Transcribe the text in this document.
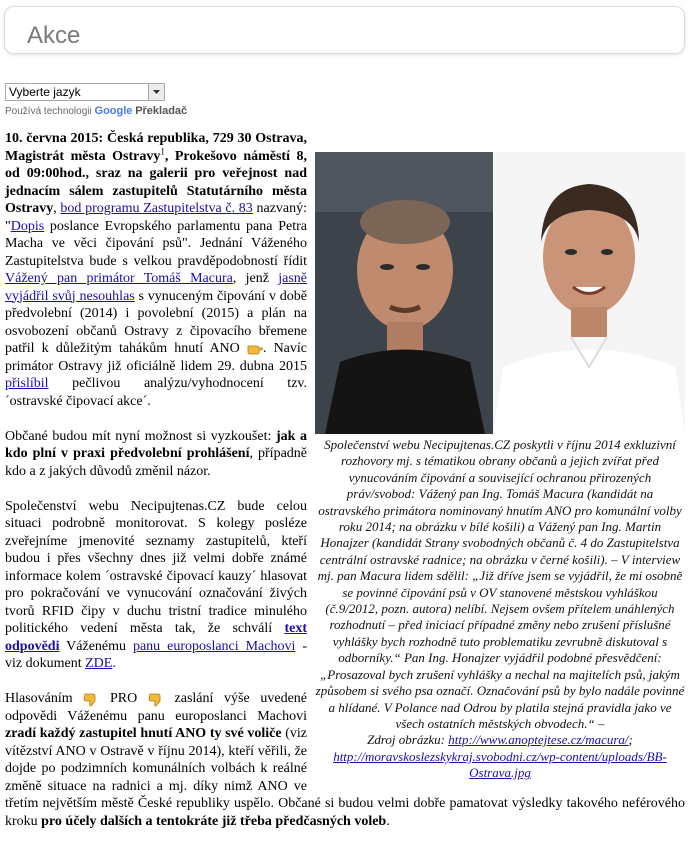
Akce
Vyberte jazyk
Používá technologii Google Překladač
Společenství webu Necipujtenas.CZ poskytli v říjnu 2014 exkluzivní rozhovory mj. s tématikou obrany občanů a jejich zvířat před vynucováním čipování a související ochranou přirozených práv/svobod: Vážený pan Ing. Tomáš Macura (kandidát na ostravského primátora nominovaný hnutím ANO pro komunální volby roku 2014; na obrázku v bílé košili) a Vážený pan Ing. Martin Honajzer (kandidát Strany svobodných občanů č. 4 do Zastupitelstva centrální ostravské radnice; na obrázku v černé košili). – V interview mj. pan Macura lidem sdělil: „Již dříve jsem se vyjádřil, že mi osobně se povinné čipování psů v OV stanovené městskou vyhláškou (č.9/2012, pozn. autora) nelíbí. Nejsem ovšem přítelem unáhlených rozhodnutí – před iniciací případné změny nebo zrušení příslušné vyhlášky bych rozhodně tuto problematiku zevrubně diskutoval s odborníky.“ Pan Ing. Honajzer vyjádřil podobné přesvědčení: „Prosazoval bych zrušení vyhlášky a nechal na majitelích psů, jakým způsobem si svého psa označí. Označování psů by bylo nadále povinné a hlídané. V Polance nad Odrou by platila stejná pravidla jako ve všech ostatních městských obvodech.“ –
Zdroj obrázku: http://www.anoptejtese.cz/macura/; http://moravskoslezskykraj.svobodni.cz/wp-content/uploads/BB-Ostrava.jpg

10. června 2015: Česká republika, 729 30 Ostrava, Magistrát města Ostravy$^1$, Prokešovo náměstí 8, od 09:00hod., sraz na galerii pro veřejnost nad jednacím sálem zastupitelů Statutárního města Ostravy, bod programu Zastupitelstva č. 83 nazvaný: "Dopis poslance Evropského parlamentu pana Petra Macha ve věci čipování psů". Jednání Váženého Zastupitelstva bude s velkou pravděpodobností řídit Vážený pan primátor Tomáš Macura, jenž jasně vyjádřil svůj nesouhlas s vynuceným čipování v době předvolební (2014) i povolební (2015) a plán na osvobození občanů Ostravy z čipovacího břemene patřil k důležitým tahákům hnutí ANO . Navíc primátor Ostravy již oficiálně lidem 29. dubna 2015 přislíbil pečlivou analýzu/vyhodnocení tzv. ´ostravské čipovací akce´.

Občané budou mít nyní možnost si vyzkoušet: jak a kdo plní v praxi předvolební prohlášení, případně kdo a z jakých důvodů změnil názor.

Společenství webu Necipujtenas.CZ bude celou situaci podrobně monitorovat. S kolegy posléze zveřejníme jmenovité seznamy zastupitelů, kteří budou i přes všechny dnes již velmi dobře známé informace kolem ´ostravské čipovací kauzy´ hlasovat pro pokračování ve vynucování označování živých tvorů RFID čipy v duchu tristní tradice minulého politického vedení města tak, že schválí text odpovědi Váženému panu europoslanci Machovi - viz dokument ZDE.

Hlasováním  PRO  zaslání výše uvedené odpovědi Váženému panu europoslanci Machovi zradí každý zastupitel hnutí ANO ty své voliče (viz vítězství ANO v Ostravě v říjnu 2014), kteří věřili, že dojde po podzimních komunálních volbách k reálné změně situace na radnici a mj. díky nimž ANO ve třetím největším městě České republiky uspělo. Občané si budou velmi dobře pamatovat výsledky takového neférového kroku pro účely dalších a tentokráte již třeba předčasných voleb.
